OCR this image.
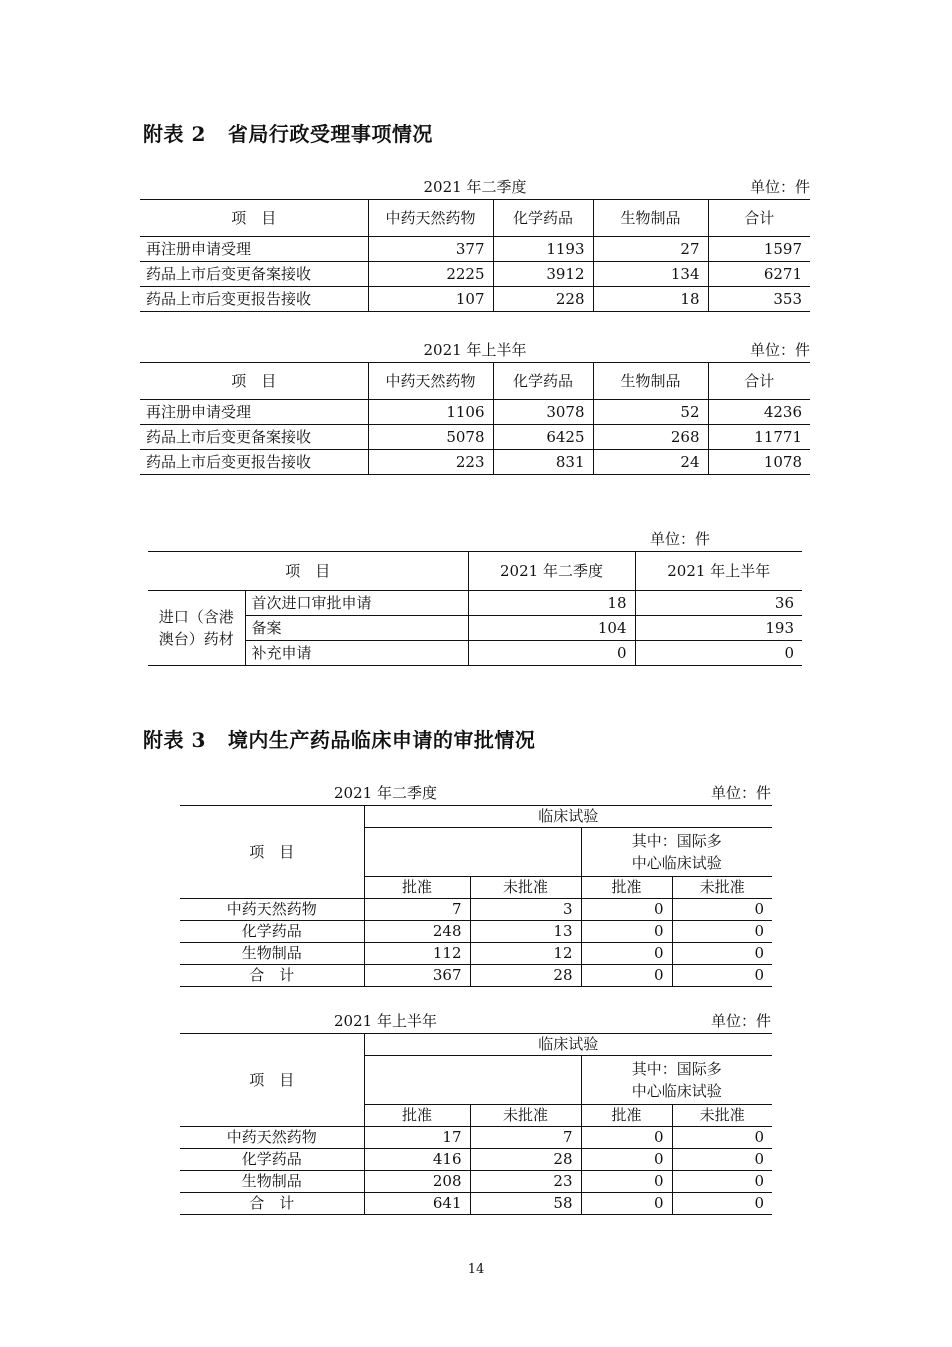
附表 2 省局行政受理事项情况
2021 年二季度	单位：件
项　目	中药天然药物	化学药品	生物制品	合计
再注册申请受理	377	1193	27	1597
药品上市后变更备案接收	2225	3912	134	6271
药品上市后变更报告接收	107	228	18	353
2021 年上半年	单位：件
项　目	中药天然药物	化学药品	生物制品	合计
再注册申请受理	1106	3078	52	4236
药品上市后变更备案接收	5078	6425	268	11771
药品上市后变更报告接收	223	831	24	1078
单位：件
项　目		2021 年二季度	2021 年上半年

进口（含港
澳台）药材	首次进口审批申请	18	36
	备案	104	193
	补充申请	0	0
附表 3 境内生产药品临床申请的审批情况
2021 年二季度	单位：件
项　目	临床试验			

			其中：国际多
中心临床试验	

	批准	未批准	批准	未批准
中药天然药物	7	3	0	0
化学药品	248	13	0	0
生物制品	112	12	0	0
合　计	367	28	0	0
2021 年上半年	单位：件
项　目	临床试验			

			其中：国际多
中心临床试验	

	批准	未批准	批准	未批准
中药天然药物	17	7	0	0
化学药品	416	28	0	0
生物制品	208	23	0	0
合　计	641	58	0	0
14
